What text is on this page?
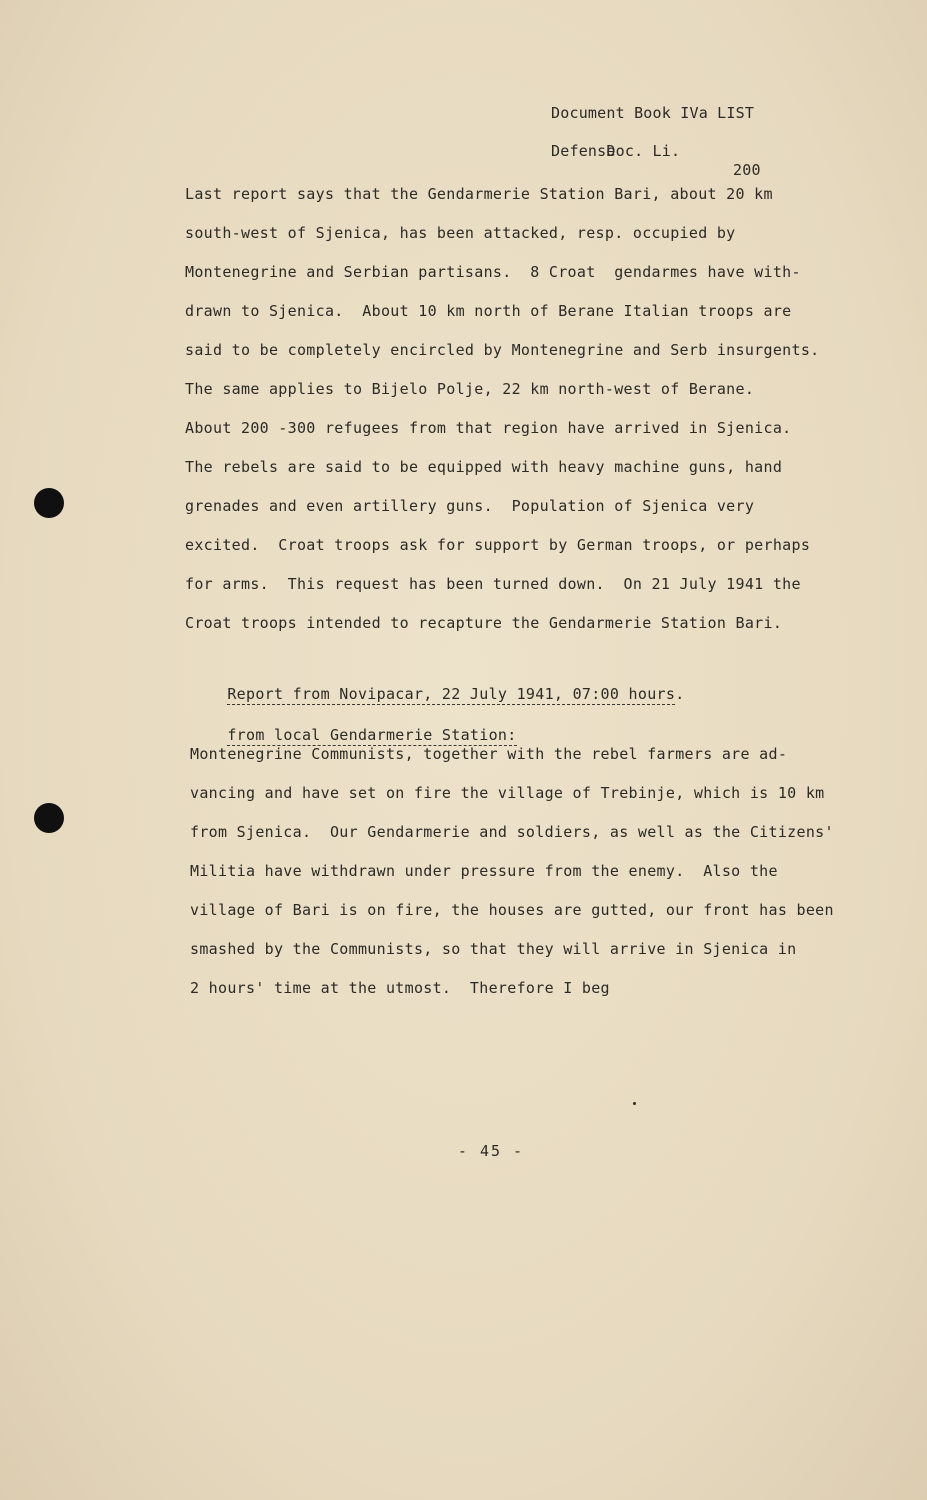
Document Book IVa LIST

Doc. Li.

200

Defense
Last report says that the Gendarmerie Station Bari, about 20 km
south-west of Sjenica, has been attacked, resp. occupied by
Montenegrine and Serbian partisans.  8 Croat  gendarmes have with-
drawn to Sjenica.  About 10 km north of Berane Italian troops are
said to be completely encircled by Montenegrine and Serb insurgents.
The same applies to Bijelo Polje, 22 km north-west of Berane.
About 200 -300 refugees from that region have arrived in Sjenica.
The rebels are said to be equipped with heavy machine guns, hand
grenades and even artillery guns.  Population of Sjenica very
excited.  Croat troops ask for support by German troops, or perhaps
for arms.  This request has been turned down.  On 21 July 1941 the
Croat troops intended to recapture the Gendarmerie Station Bari.

Report from Novipacar, 22 July 1941, 07:00 hours.

from local Gendarmerie Station:

Montenegrine Communists, together with the rebel farmers are ad-
vancing and have set on fire the village of Trebinje, which is 10 km
from Sjenica.  Our Gendarmerie and soldiers, as well as the Citizens'
Militia have withdrawn under pressure from the enemy.  Also the
village of Bari is on fire, the houses are gutted, our front has been
smashed by the Communists, so that they will arrive in Sjenica in
2 hours' time at the utmost.  Therefore I beg
- 45 -
